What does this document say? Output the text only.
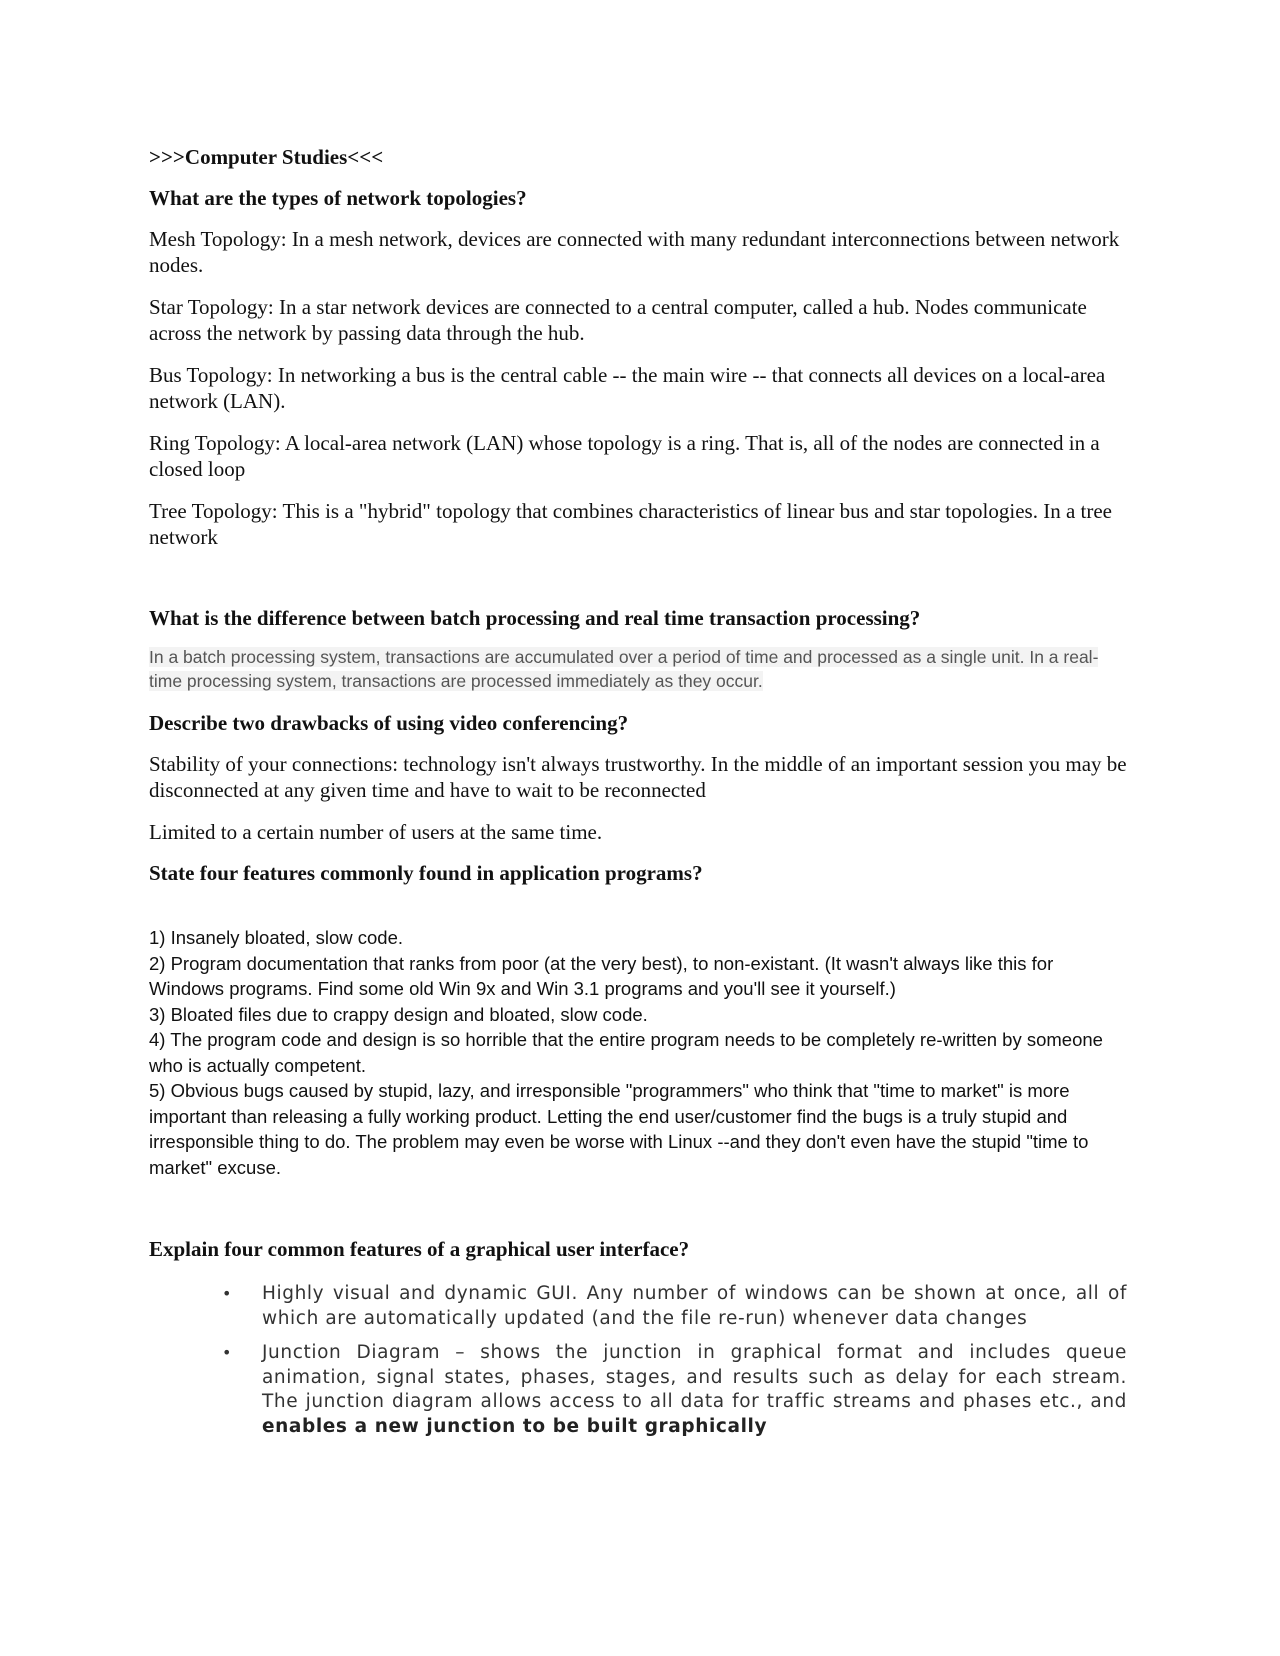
>>>Computer Studies<<<

What are the types of network topologies?

Mesh Topology: In a mesh network, devices are connected with many redundant interconnections between network nodes.

Star Topology: In a star network devices are connected to a central computer, called a hub. Nodes communicate across the network by passing data through the hub.

Bus Topology: In networking a bus is the central cable -- the main wire -- that connects all devices on a local-area network (LAN).

Ring Topology: A local-area network (LAN) whose topology is a ring. That is, all of the nodes are connected in a closed loop

Tree Topology: This is a "hybrid" topology that combines characteristics of linear bus and star topologies. In a tree network

What is the difference between batch processing and real time transaction processing?

In a batch processing system, transactions are accumulated over a period of time and processed as a single unit. In a real-time processing system, transactions are processed immediately as they occur.

Describe two drawbacks of using video conferencing?

Stability of your connections: technology isn't always trustworthy. In the middle of an important session you may be disconnected at any given time and have to wait to be reconnected

Limited to a certain number of users at the same time.

State four features commonly found in application programs?

1) Insanely bloated, slow code.
2) Program documentation that ranks from poor (at the very best), to non-existant. (It wasn't always like this for Windows programs. Find some old Win 9x and Win 3.1 programs and you'll see it yourself.)
3) Bloated files due to crappy design and bloated, slow code.
4) The program code and design is so horrible that the entire program needs to be completely re-written by someone who is actually competent.
5) Obvious bugs caused by stupid, lazy, and irresponsible "programmers" who think that "time to market" is more important than releasing a fully working product. Letting the end user/customer find the bugs is a truly stupid and irresponsible thing to do. The problem may even be worse with Linux --and they don't even have the stupid "time to market" excuse.

Explain four common features of a graphical user interface?

• Highly visual and dynamic GUI. Any number of windows can be shown at once, all of which are automatically updated (and the file re-run) whenever data changes
• Junction Diagram – shows the junction in graphical format and includes queue animation, signal states, phases, stages, and results such as delay for each stream. The junction diagram allows access to all data for traffic streams and phases etc., and enables a new junction to be built graphically
